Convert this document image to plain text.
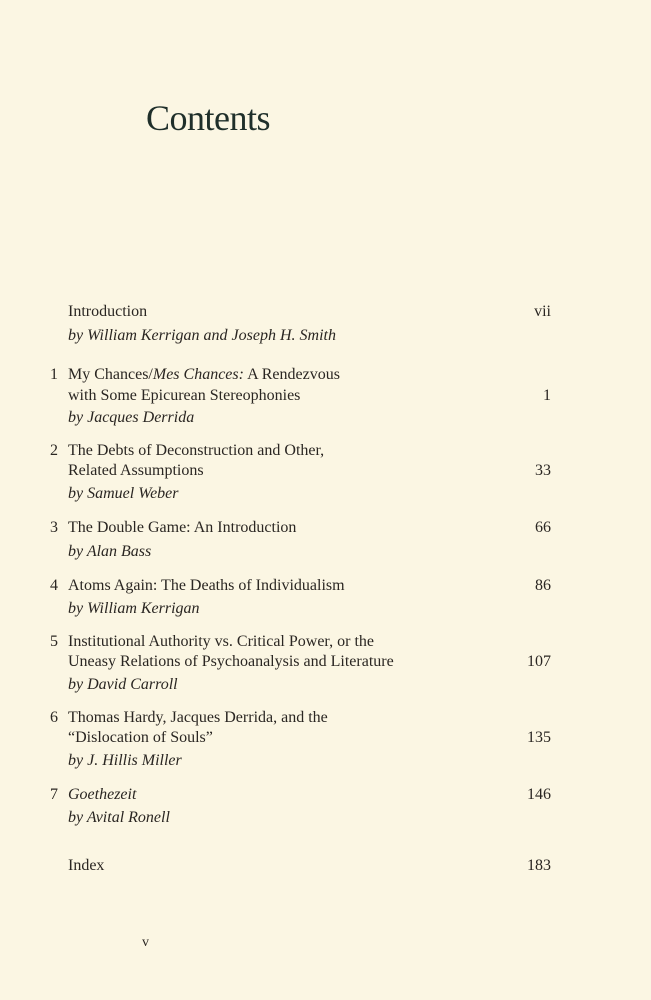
Contents
Introduction	vii
by William Kerrigan and Joseph H. Smith
1 My Chances/Mes Chances: A Rendezvous
with Some Epicurean Stereophonies	1
by Jacques Derrida
2 The Debts of Deconstruction and Other,
Related Assumptions	33
by Samuel Weber
3 The Double Game: An Introduction	66
by Alan Bass
4 Atoms Again: The Deaths of Individualism	86
by William Kerrigan
5 Institutional Authority vs. Critical Power, or the
Uneasy Relations of Psychoanalysis and Literature	107
by David Carroll
6 Thomas Hardy, Jacques Derrida, and the
“Dislocation of Souls”	135
by J. Hillis Miller
7 Goethezeit	146
by Avital Ronell
Index	183
v
